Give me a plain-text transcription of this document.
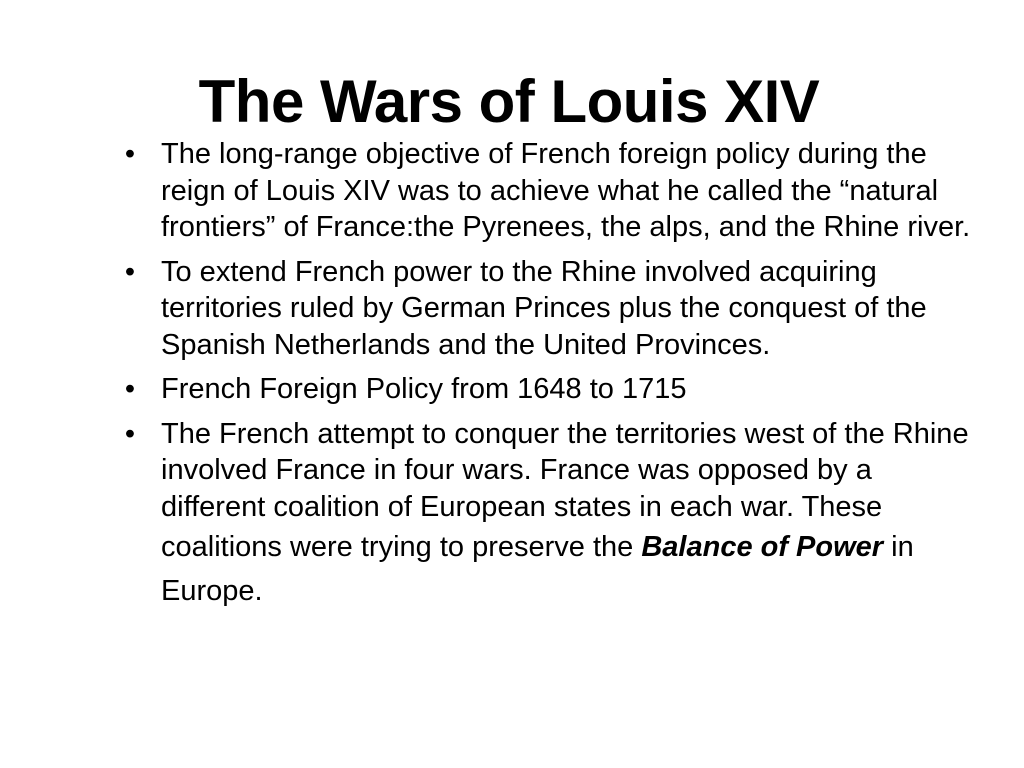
The Wars of Louis XIV
• The long-range objective of French foreign policy during the reign of Louis XIV was to achieve what he called the “natural frontiers” of France:the Pyrenees, the alps, and the Rhine river.
• To extend French power to the Rhine involved acquiring territories ruled by German Princes plus the conquest of the Spanish Netherlands and the United Provinces.
• French Foreign Policy from 1648 to 1715
• The French attempt to conquer the territories west of the Rhine involved France in four wars. France was opposed by a different coalition of European states in each war. These coalitions were trying to preserve the Balance of Power in Europe.
